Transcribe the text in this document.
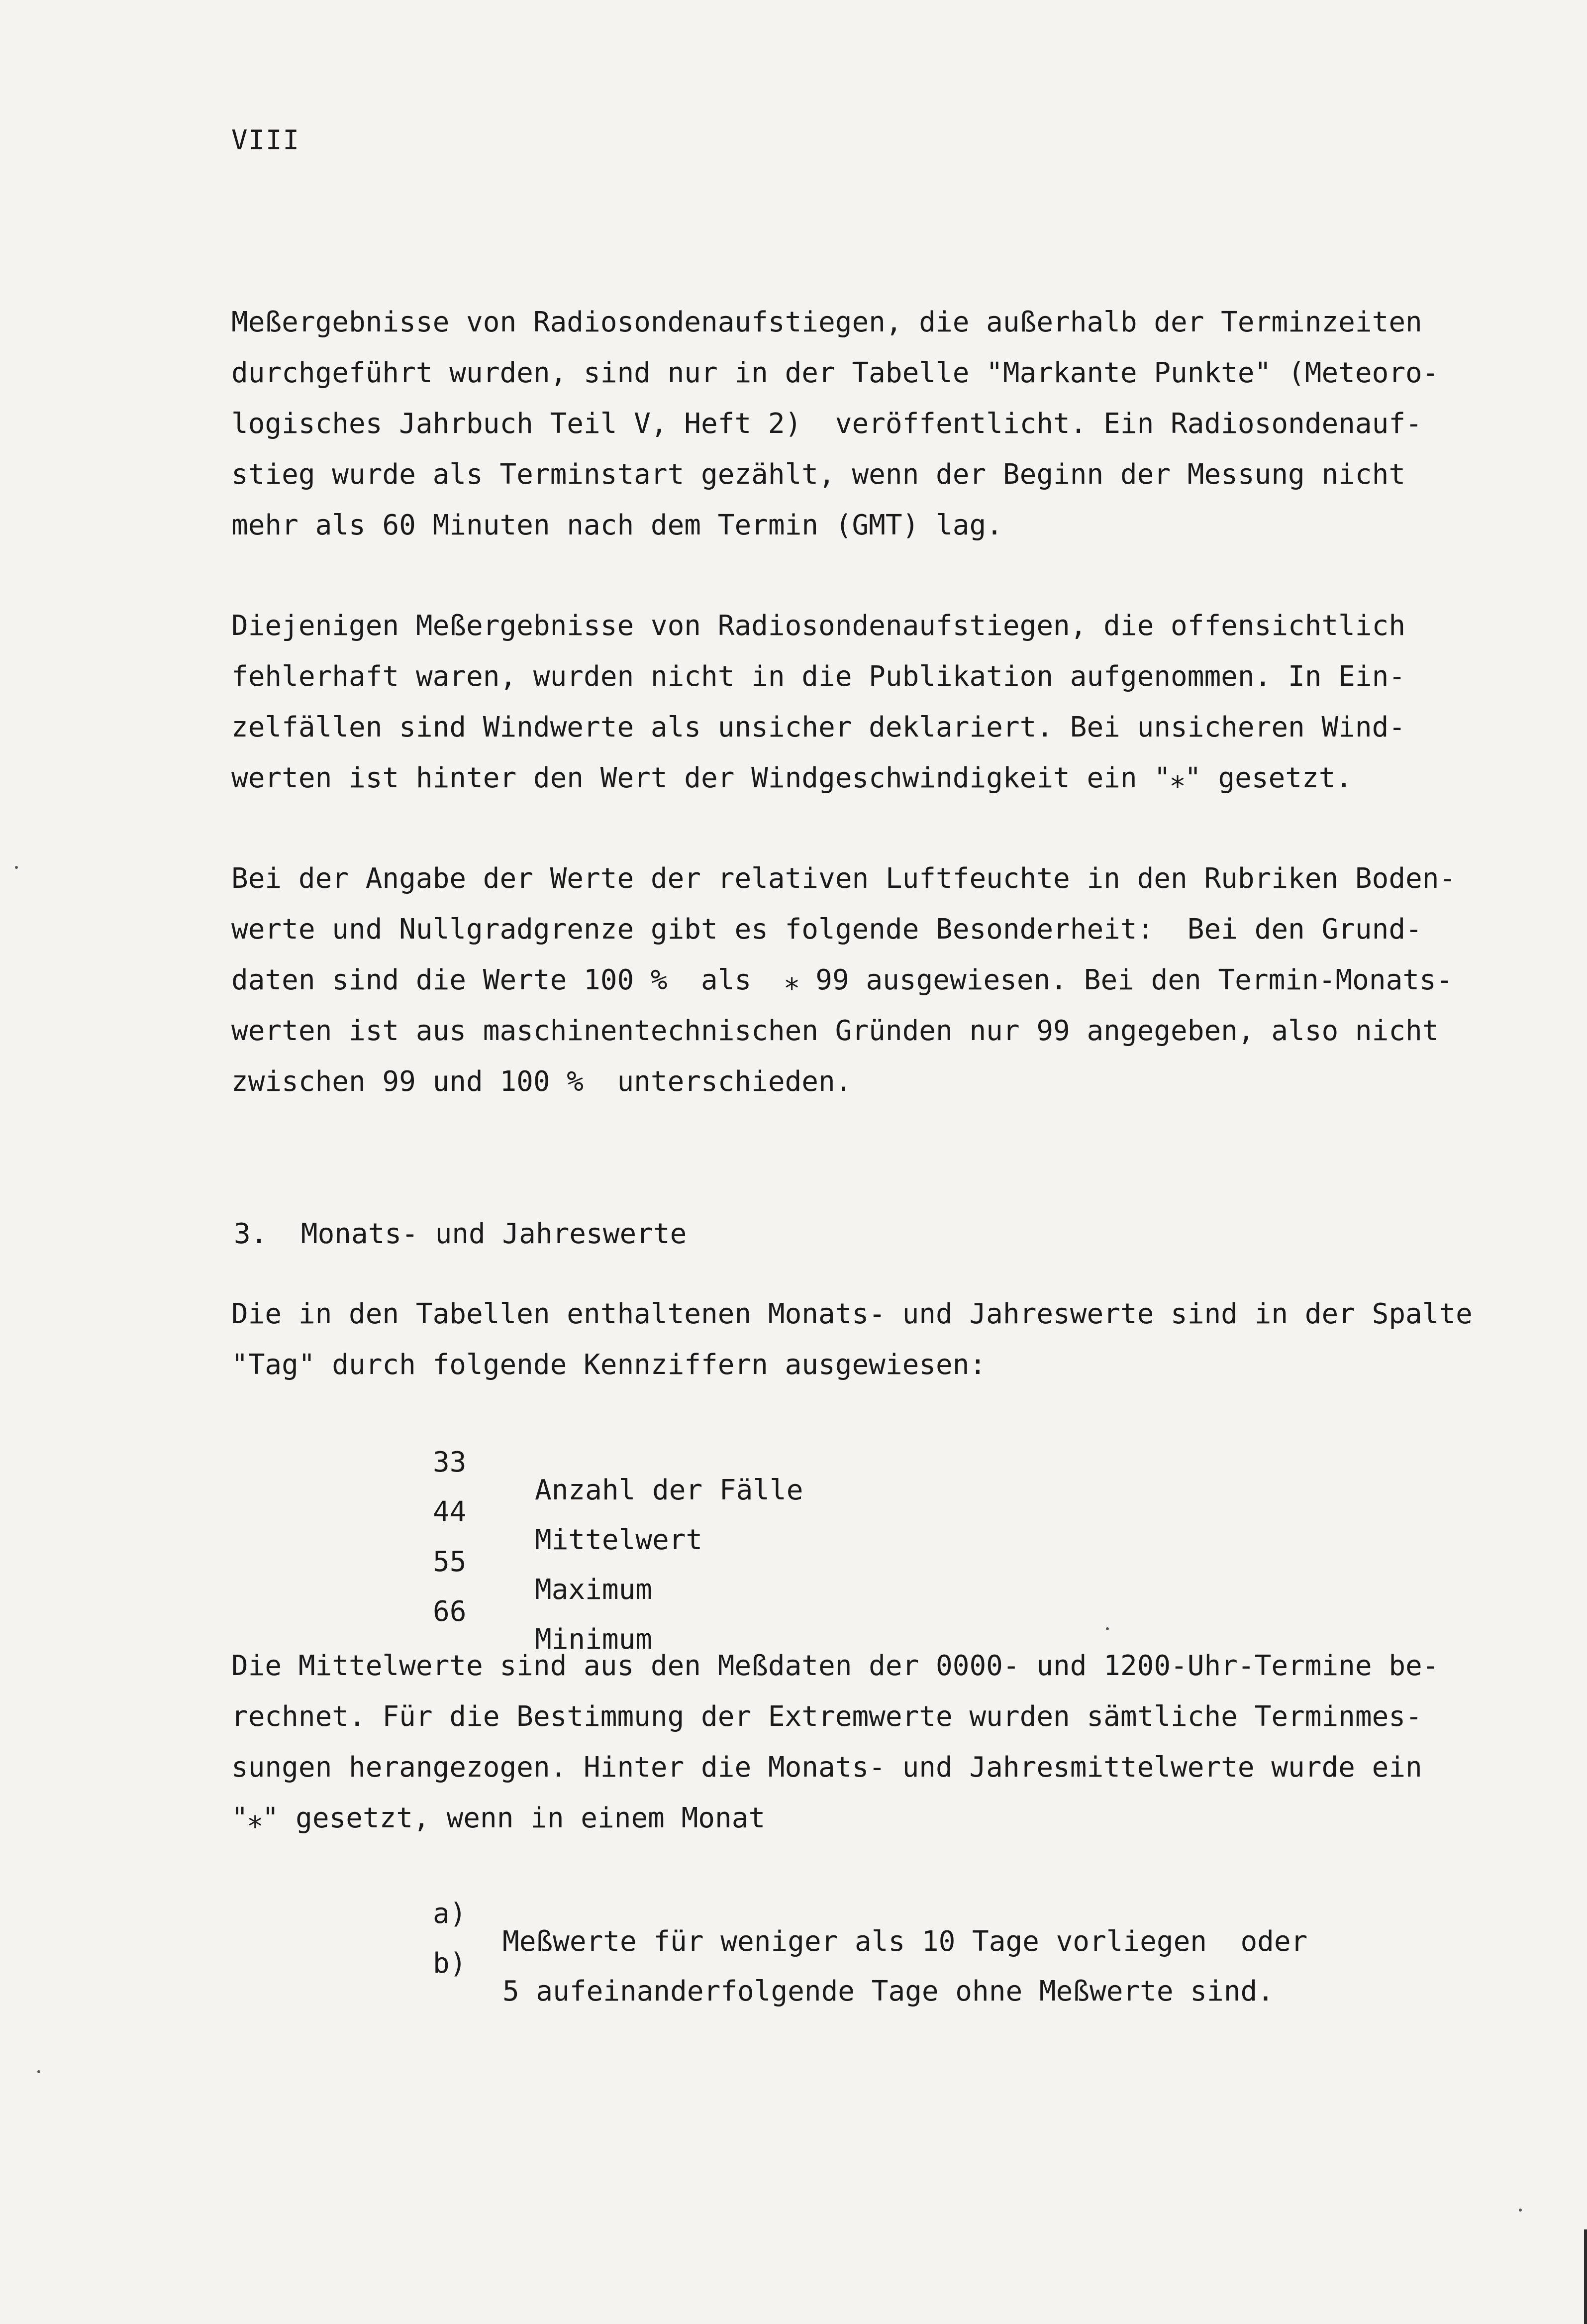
VIII
Meßergebnisse von Radiosondenaufstiegen, die außerhalb der Terminzeiten
durchgeführt wurden, sind nur in der Tabelle "Markante Punkte" (Meteoro-
logisches Jahrbuch Teil V, Heft 2)  veröffentlicht. Ein Radiosondenauf-
stieg wurde als Terminstart gezählt, wenn der Beginn der Messung nicht
mehr als 60 Minuten nach dem Termin (GMT) lag.
Diejenigen Meßergebnisse von Radiosondenaufstiegen, die offensichtlich
fehlerhaft waren, wurden nicht in die Publikation aufgenommen. In Ein-
zelfällen sind Windwerte als unsicher deklariert. Bei unsicheren Wind-
werten ist hinter den Wert der Windgeschwindigkeit ein "⁎" gesetzt.
Bei der Angabe der Werte der relativen Luftfeuchte in den Rubriken Boden-
werte und Nullgradgrenze gibt es folgende Besonderheit:  Bei den Grund-
daten sind die Werte 100 %  als  ⁎ 99 ausgewiesen. Bei den Termin-Monats-
werten ist aus maschinentechnischen Gründen nur 99 angegeben, also nicht
zwischen 99 und 100 %  unterschieden.
3.  Monats- und Jahreswerte
Die in den Tabellen enthaltenen Monats- und Jahreswerte sind in der Spalte
"Tag" durch folgende Kennziffern ausgewiesen:

33

Anzahl der Fälle

44

Mittelwert

55

Maximum

66

Minimum

Die Mittelwerte sind aus den Meßdaten der 0000- und 1200-Uhr-Termine be-
rechnet. Für die Bestimmung der Extremwerte wurden sämtliche Terminmes-
sungen herangezogen. Hinter die Monats- und Jahresmittelwerte wurde ein
"⁎" gesetzt, wenn in einem Monat

a)

Meßwerte für weniger als 10 Tage vorliegen  oder

b)

5 aufeinanderfolgende Tage ohne Meßwerte sind.
